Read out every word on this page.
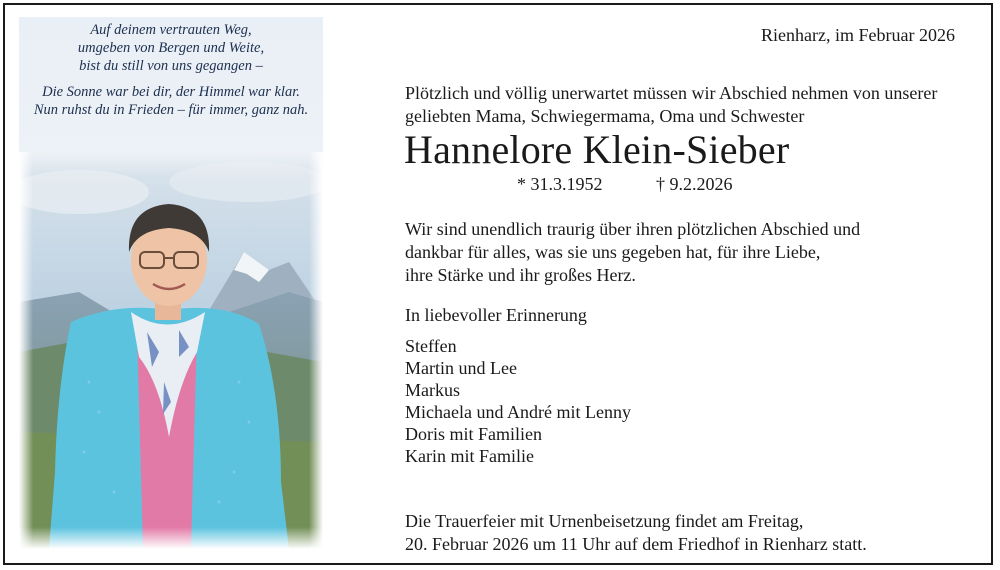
Auf deinem vertrauten Weg,
umgeben von Bergen und Weite,
bist du still von uns gegangen –
Die Sonne war bei dir, der Himmel war klar.
Nun ruhst du in Frieden – für immer, ganz nah.
Rienharz, im Februar 2026
Plötzlich und völlig unerwartet müssen wir Abschied nehmen von unserer
geliebten Mama, Schwiegermama, Oma und Schwester
Hannelore Klein-Sieber
* 31.3.1952	† 9.2.2026
Wir sind unendlich traurig über ihren plötzlichen Abschied und
dankbar für alles, was sie uns gegeben hat, für ihre Liebe,
ihre Stärke und ihr großes Herz.
In liebevoller Erinnerung
Steffen
Martin und Lee
Markus
Michaela und André mit Lenny
Doris mit Familien
Karin mit Familie
Die Trauerfeier mit Urnenbeisetzung findet am Freitag,
20. Februar 2026 um 11 Uhr auf dem Friedhof in Rienharz statt.
